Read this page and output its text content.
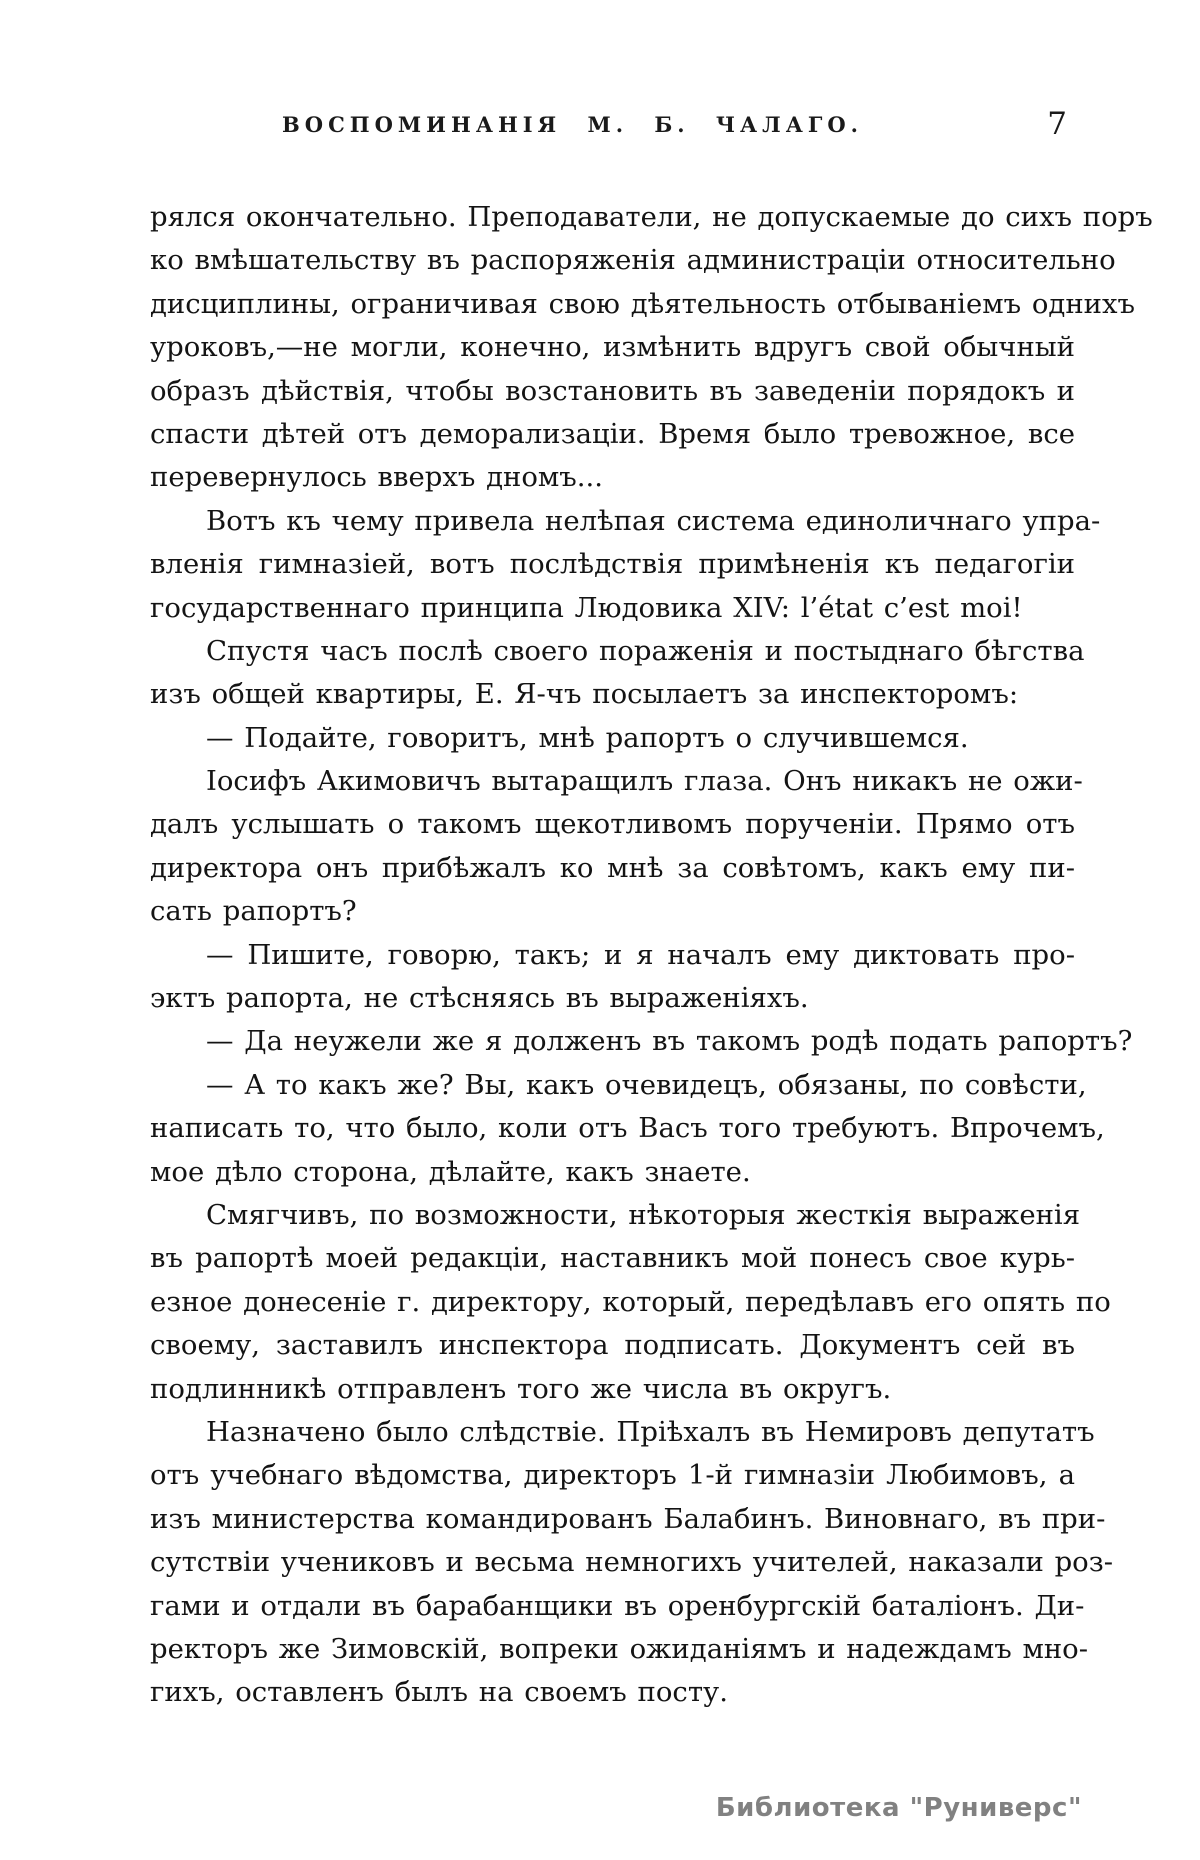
ВОСПОМИНАНІЯ М. Б. ЧАЛАГО.	7
рялся окончательно. Преподаватели, не допускаемые до сихъ поръ
ко вмѣшательству въ распоряженія администраціи относительно
дисциплины, ограничивая свою дѣятельность отбываніемъ однихъ
уроковъ,—не могли, конечно, измѣнить вдругъ свой обычный
образъ дѣйствія, чтобы возстановить въ заведеніи порядокъ и
спасти дѣтей отъ деморализаціи. Время было тревожное, все
перевернулось вверхъ дномъ...
Вотъ къ чему привела нелѣпая система единоличнаго упра-
вленія гимназіей, вотъ послѣдствія примѣненія къ педагогіи
государственнаго принципа Людовика XIV: l’état c’est moi!
Спустя часъ послѣ своего пораженія и постыднаго бѣгства
изъ общей квартиры, Е. Я-чъ посылаетъ за инспекторомъ:
— Подайте, говоритъ, мнѣ рапортъ о случившемся.
Іосифъ Акимовичъ вытаращилъ глаза. Онъ никакъ не ожи-
далъ услышать о такомъ щекотливомъ порученіи. Прямо отъ
директора онъ прибѣжалъ ко мнѣ за совѣтомъ, какъ ему пи-
сать рапортъ?
— Пишите, говорю, такъ; и я началъ ему диктовать про-
эктъ рапорта, не стѣсняясь въ выраженіяхъ.
— Да неужели же я долженъ въ такомъ родѣ подать рапортъ?
— А то какъ же? Вы, какъ очевидецъ, обязаны, по совѣсти,
написать то, что было, коли отъ Васъ того требуютъ. Впрочемъ,
мое дѣло сторона, дѣлайте, какъ знаете.
Смягчивъ, по возможности, нѣкоторыя жесткія выраженія
въ рапортѣ моей редакціи, наставникъ мой понесъ свое курь-
езное донесеніе г. директору, который, передѣлавъ его опять по
своему, заставилъ инспектора подписать. Документъ сей въ
подлинникѣ отправленъ того же числа въ округъ.
Назначено было слѣдствіе. Пріѣхалъ въ Немировъ депутатъ
отъ учебнаго вѣдомства, директоръ 1-й гимназіи Любимовъ, а
изъ министерства командированъ Балабинъ. Виновнаго, въ при-
сутствіи учениковъ и весьма немногихъ учителей, наказали роз-
гами и отдали въ барабанщики въ оренбургскій баталіонъ. Ди-
ректоръ же Зимовскій, вопреки ожиданіямъ и надеждамъ мно-
гихъ, оставленъ былъ на своемъ посту.
Библиотека "Руниверс"
